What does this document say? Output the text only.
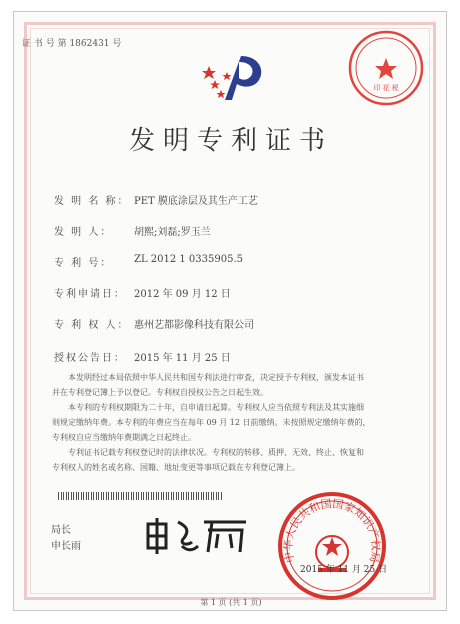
证 书 号 第 1862431 号
印 花 税
发明专利证书
发 明 名 称： PET 膜底涂层及其生产工艺
发 明 人： 胡熙;刘磊;罗玉兰
专 利 号： ZL 2012 1 0335905.5
专利申请日： 2012 年 09 月 12 日
专 利 权 人： 惠州艺都影像科技有限公司
授权公告日： 2015 年 11 月 25 日
本发明经过本局依照中华人民共和国专利法进行审查，决定授予专利权，颁发本证书
并在专利登记簿上予以登记。专利权自授权公告之日起生效。
本专利的专利权期限为二十年，自申请日起算。专利权人应当依照专利法及其实施细
则规定缴纳年费。本专利的年费应当在每年 09 月 12 日前缴纳。未按照规定缴纳年费的，
专利权自应当缴纳年费期满之日起终止。
专利证书记载专利权登记时的法律状况。专利权的转移、质押、无效、终止、恢复和
专利权人的姓名或名称、国籍、地址变更等事项记载在专利登记簿上。
局长
申长雨
中华人民共和国国家知识产权局
2015 年 11 月 25 日
第 1 页 (共 1 页)
